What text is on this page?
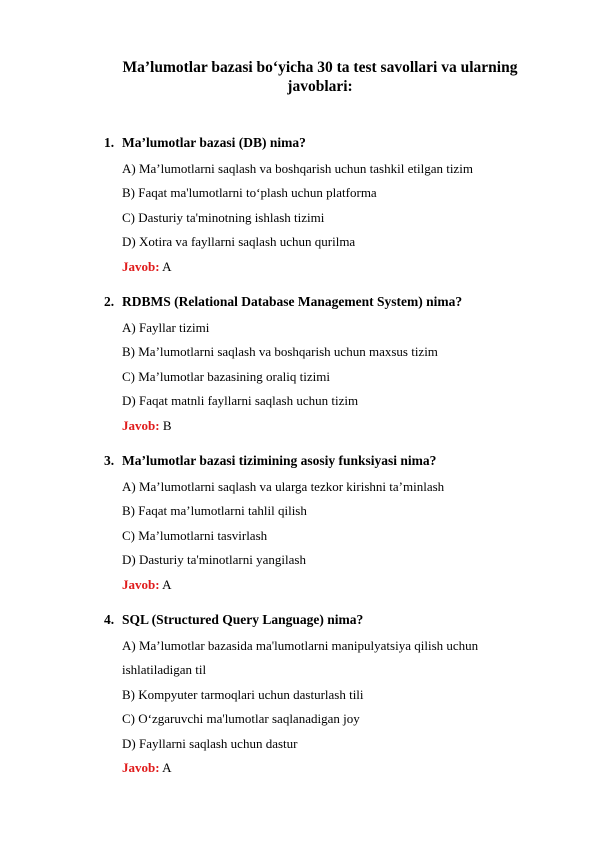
Ma’lumotlar bazasi bo‘yicha 30 ta test savollari va ularning javoblari:
1. Ma’lumotlar bazasi (DB) nima?
A) Ma’lumotlarni saqlash va boshqarish uchun tashkil etilgan tizim
B) Faqat ma'lumotlarni to‘plash uchun platforma
C) Dasturiy ta'minotning ishlash tizimi
D) Xotira va fayllarni saqlash uchun qurilma
Javob: A
2. RDBMS (Relational Database Management System) nima?
A) Fayllar tizimi
B) Ma’lumotlarni saqlash va boshqarish uchun maxsus tizim
C) Ma’lumotlar bazasining oraliq tizimi
D) Faqat matnli fayllarni saqlash uchun tizim
Javob: B
3. Ma’lumotlar bazasi tizimining asosiy funksiyasi nima?
A) Ma’lumotlarni saqlash va ularga tezkor kirishni ta’minlash
B) Faqat ma’lumotlarni tahlil qilish
C) Ma’lumotlarni tasvirlash
D) Dasturiy ta'minotlarni yangilash
Javob: A
4. SQL (Structured Query Language) nima?
A) Ma’lumotlar bazasida ma'lumotlarni manipulyatsiya qilish uchun ishlatiladigan til
B) Kompyuter tarmoqlari uchun dasturlash tili
C) O‘zgaruvchi ma'lumotlar saqlanadigan joy
D) Fayllarni saqlash uchun dastur
Javob: A
